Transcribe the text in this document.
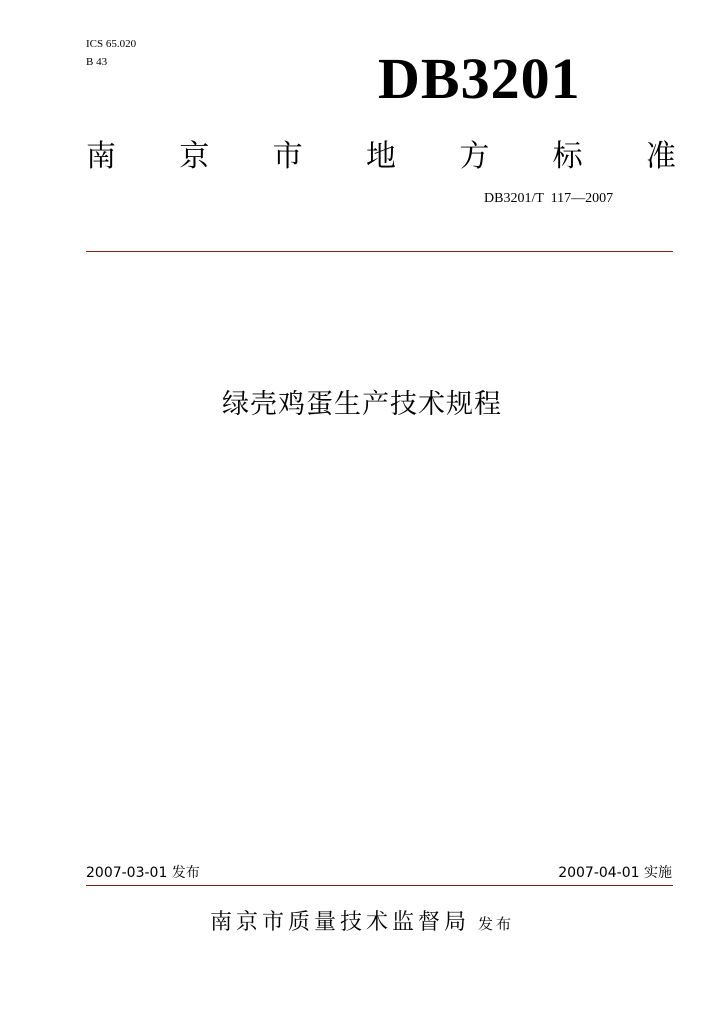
ICS 65.020
B 43	DB3201
南 京 市 地 方 标 准
DB3201/T  117—2007
绿壳鸡蛋生产技术规程
2007-03-01 发布	2007-04-01 实施
南京市质量技术监督局 发布
